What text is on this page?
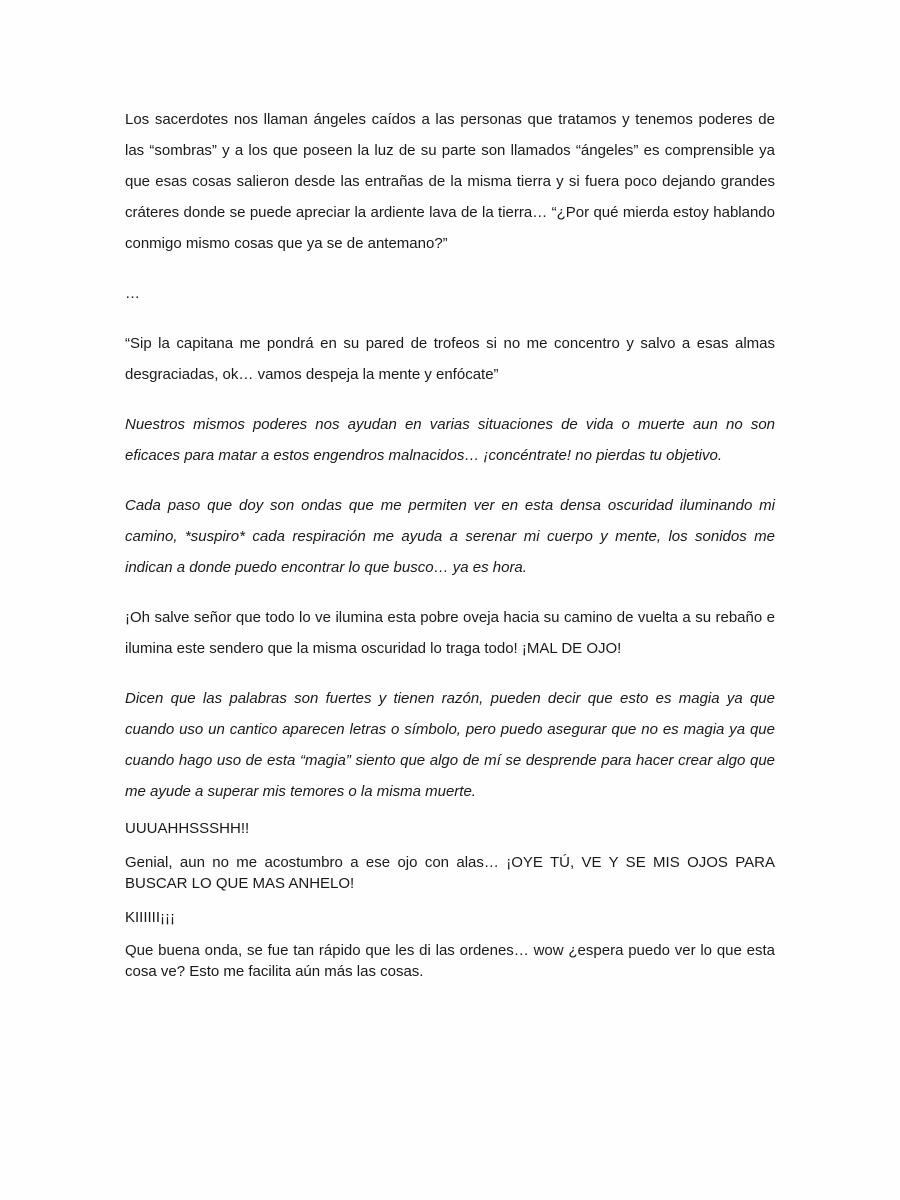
Los sacerdotes nos llaman ángeles caídos a las personas que tratamos y tenemos poderes de las “sombras” y a los que poseen la luz de su parte son llamados “ángeles” es comprensible ya que esas cosas salieron desde las entrañas de la misma tierra y si fuera poco dejando grandes cráteres donde se puede apreciar la ardiente lava de la tierra… “¿Por qué mierda estoy hablando conmigo mismo cosas que ya se de antemano?”

…

“Sip la capitana me pondrá en su pared de trofeos si no me concentro y salvo a esas almas desgraciadas, ok… vamos despeja la mente y enfócate”

Nuestros mismos poderes nos ayudan en varias situaciones de vida o muerte aun no son eficaces para matar a estos engendros malnacidos… ¡concéntrate! no pierdas tu objetivo.

Cada paso que doy son ondas que me permiten ver en esta densa oscuridad iluminando mi camino, *suspiro* cada respiración me ayuda a serenar mi cuerpo y mente, los sonidos me indican a donde puedo encontrar lo que busco… ya es hora.

¡Oh salve señor que todo lo ve ilumina esta pobre oveja hacia su camino de vuelta a su rebaño e ilumina este sendero que la misma oscuridad lo traga todo! ¡MAL DE OJO!

Dicen que las palabras son fuertes y tienen razón, pueden decir que esto es magia ya que cuando uso un cantico aparecen letras o símbolo, pero puedo asegurar que no es magia ya que cuando hago uso de esta “magia” siento que algo de mí se desprende para hacer crear algo que me ayude a superar mis temores o la misma muerte.

UUUAHHSSSHH!!

Genial, aun no me acostumbro a ese ojo con alas… ¡OYE TÚ, VE Y SE MIS OJOS PARA BUSCAR LO QUE MAS ANHELO!

KIIIIII¡¡¡

Que buena onda, se fue tan rápido que les di las ordenes… wow ¿espera puedo ver lo que esta cosa ve? Esto me facilita aún más las cosas.
